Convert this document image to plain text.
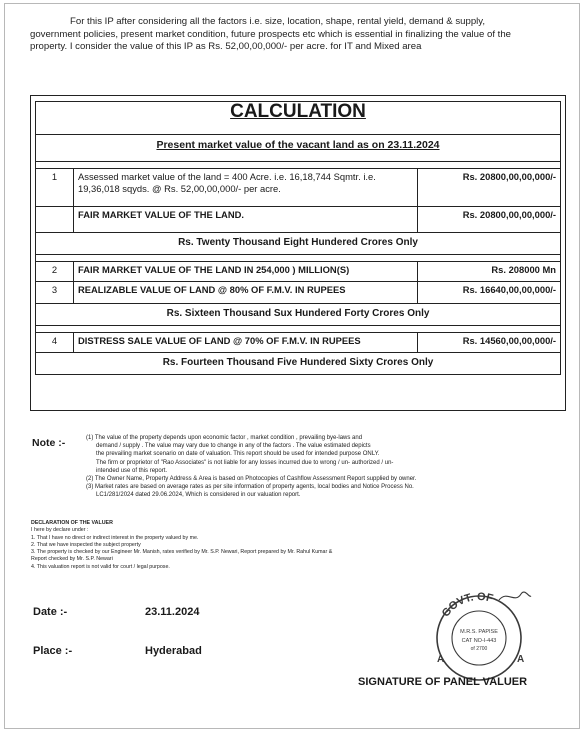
For this IP after considering all the factors i.e. size, location, shape, rental yield, demand & supply,
government policies, present market condition, future prospects etc which is essential in finalizing the value of the
property. I consider the value of this IP as Rs. 52,00,00,000/- per acre. for IT and Mixed area
CALCULATION		
Present market value of the vacant land as on 23.11.2024		

1	Assessed market value of the land = 400 Acre. i.e. 16,18,744 Sqmtr. i.e. 19,36,018 sqyds. @ Rs. 52,00,00,000/- per acre.	Rs. 20800,00,00,000/-
	FAIR MARKET VALUE OF THE LAND.	Rs. 20800,00,00,000/-
Rs. Twenty Thousand Eight Hundered Crores Only		

2	FAIR MARKET VALUE OF THE LAND IN 254,000 ) MILLION(S)	Rs. 208000 Mn
3	REALIZABLE VALUE OF LAND @ 80% OF F.M.V. IN RUPEES	Rs. 16640,00,00,000/-
Rs. Sixteen Thousand Sux Hundered Forty Crores Only		

4	DISTRESS SALE VALUE OF LAND @ 70% OF F.M.V. IN RUPEES	Rs. 14560,00,00,000/-
Rs. Fourteen Thousand Five Hundered Sixty Crores Only		
Note :-	(1) The value of the property depends upon economic factor , market condition , prevailing bye-laws and
demand / supply . The value may vary due to change in any of the factors . The value estimated depicts
the prevailing market scenario on date of valuation. This report should be used for intended purpose ONLY.
The firm or proprietor of "Rao Associates" is not liable for any losses incurred due to wrong / un- authorized / un-
intended use of this report.
(2) The Owner Name, Property Address & Area is based on Photocopies of Cashflow Assessment Report supplied by owner.
(3) Market rates are based on average rates as per site information of property agents, local bodies and Notice Process No.
LC1/281/2024 dated 29.06.2024, Which is considered in our valuation report.
DECLARATION OF THE VALUER
I here by declare under :
1. That I have no direct or indirect interest in the property valued by me.
2. That we have inspected the subject property
3. The property is checked by our Engineer Mr. Manish, rates verified by Mr. S.P. Newari, Report prepared by Mr. Rahul Kumar &
Report checked by Mr. S.P. Newari
4. This valuation report is not valid for court / legal purpose.
Date :-	23.11.2024
Place :-	Hyderabad
GOVT. OF
A	A
M.R.S. PAPISE
CAT NO-I-443
of 2700
SIGNATURE OF PANEL VALUER
